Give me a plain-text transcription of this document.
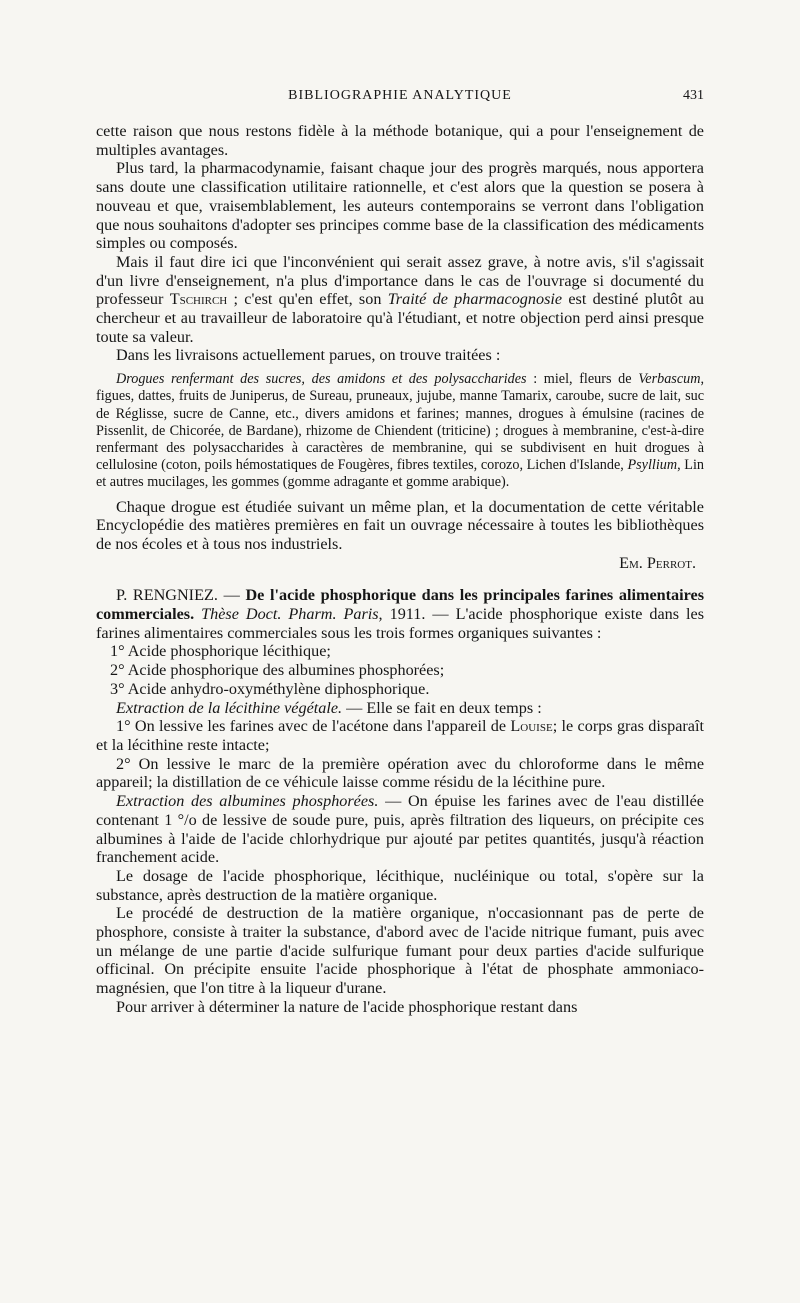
BIBLIOGRAPHIE ANALYTIQUE	431

cette raison que nous restons fidèle à la méthode botanique, qui a pour l'enseignement de multiples avantages.

Plus tard, la pharmacodynamie, faisant chaque jour des progrès marqués, nous apportera sans doute une classification utilitaire rationnelle, et c'est alors que la question se posera à nouveau et que, vraisemblablement, les auteurs contemporains se verront dans l'obligation que nous souhaitons d'adopter ses principes comme base de la classification des médicaments simples ou composés.

Mais il faut dire ici que l'inconvénient qui serait assez grave, à notre avis, s'il s'agissait d'un livre d'enseignement, n'a plus d'importance dans le cas de l'ouvrage si documenté du professeur Tschirch ; c'est qu'en effet, son Traité de pharmacognosie est destiné plutôt au chercheur et au travailleur de laboratoire qu'à l'étudiant, et notre objection perd ainsi presque toute sa valeur.

Dans les livraisons actuellement parues, on trouve traitées :

Drogues renfermant des sucres, des amidons et des polysaccharides : miel, fleurs de Verbascum, figues, dattes, fruits de Juniperus, de Sureau, pruneaux, jujube, manne Tamarix, caroube, sucre de lait, suc de Réglisse, sucre de Canne, etc., divers amidons et farines; mannes, drogues à émulsine (racines de Pissenlit, de Chicorée, de Bardane), rhizome de Chiendent (triticine) ; drogues à membranine, c'est-à-dire renfermant des polysaccharides à caractères de membranine, qui se subdivisent en huit drogues à cellulosine (coton, poils hémostatiques de Fougères, fibres textiles, corozo, Lichen d'Islande, Psyllium, Lin et autres mucilages, les gommes (gomme adragante et gomme arabique).

Chaque drogue est étudiée suivant un même plan, et la documentation de cette véritable Encyclopédie des matières premières en fait un ouvrage nécessaire à toutes les bibliothèques de nos écoles et à tous nos industriels.

Em. Perrot.

P. RENGNIEZ. — De l'acide phosphorique dans les principales farines alimentaires commerciales. Thèse Doct. Pharm. Paris, 1911. — L'acide phosphorique existe dans les farines alimentaires commerciales sous les trois formes organiques suivantes :

1° Acide phosphorique lécithique;

2° Acide phosphorique des albumines phosphorées;

3° Acide anhydro-oxyméthylène diphosphorique.

Extraction de la lécithine végétale. — Elle se fait en deux temps :

1° On lessive les farines avec de l'acétone dans l'appareil de Louise; le corps gras disparaît et la lécithine reste intacte;

2° On lessive le marc de la première opération avec du chloroforme dans le même appareil; la distillation de ce véhicule laisse comme résidu de la lécithine pure.

Extraction des albumines phosphorées. — On épuise les farines avec de l'eau distillée contenant 1 °/o de lessive de soude pure, puis, après filtration des liqueurs, on précipite ces albumines à l'aide de l'acide chlorhydrique pur ajouté par petites quantités, jusqu'à réaction franchement acide.

Le dosage de l'acide phosphorique, lécithique, nucléinique ou total, s'opère sur la substance, après destruction de la matière organique.

Le procédé de destruction de la matière organique, n'occasionnant pas de perte de phosphore, consiste à traiter la substance, d'abord avec de l'acide nitrique fumant, puis avec un mélange de une partie d'acide sulfurique fumant pour deux parties d'acide sulfurique officinal. On précipite ensuite l'acide phosphorique à l'état de phosphate ammoniaco-magnésien, que l'on titre à la liqueur d'urane.

Pour arriver à déterminer la nature de l'acide phosphorique restant dans
